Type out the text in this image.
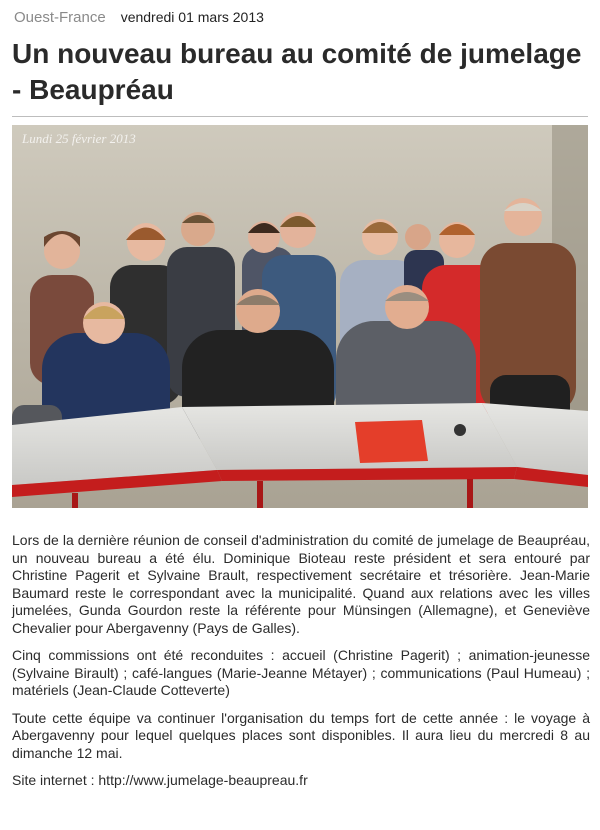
Ouest-France vendredi 01 mars 2013
Un nouveau bureau au comité de jumelage - Beaupréau
Lundi 25 février 2013

Lors de la dernière réunion de conseil d'administration du comité de jumelage de Beaupréau, un nouveau bureau a été élu. Dominique Bioteau reste président et sera entouré par Christine Pagerit et Sylvaine Brault, respectivement secrétaire et trésorière. Jean-Marie Baumard reste le correspondant avec la municipalité. Quand aux relations avec les villes jumelées, Gunda Gourdon reste la référente pour Münsingen (Allemagne), et Geneviève Chevalier pour Abergavenny (Pays de Galles).

Cinq commissions ont été reconduites : accueil (Christine Pagerit) ; animation-jeunesse (Sylvaine Birault) ; café-langues (Marie-Jeanne Métayer) ; communications (Paul Humeau) ; matériels (Jean-Claude Cotteverte)

Toute cette équipe va continuer l'organisation du temps fort de cette année : le voyage à Abergavenny pour lequel quelques places sont disponibles. Il aura lieu du mercredi 8 au dimanche 12 mai.

Site internet : http://www.jumelage-beaupreau.fr
